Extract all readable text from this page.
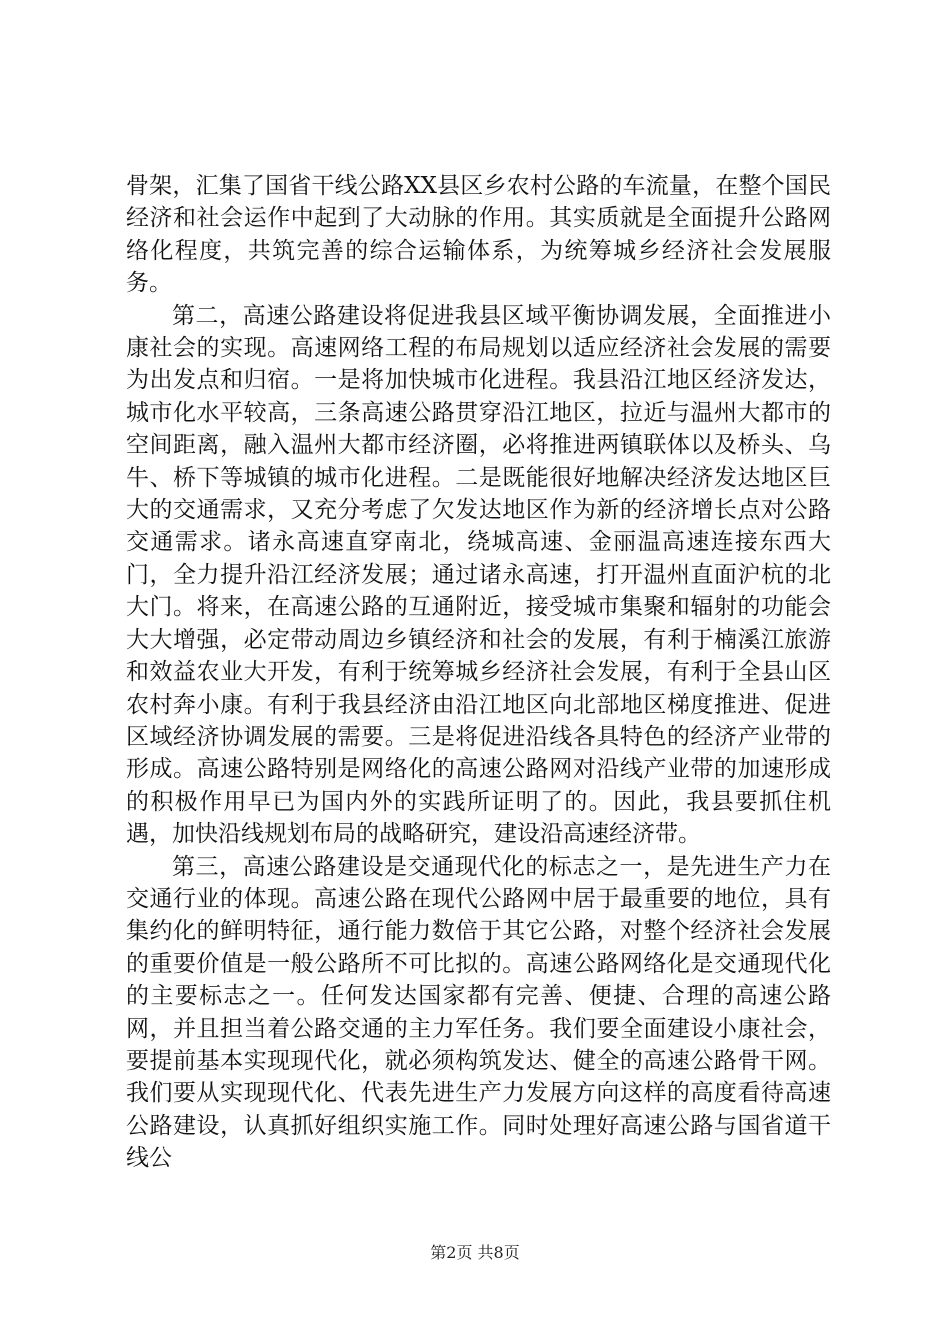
骨架，汇集了国省干线公路XX县区乡农村公路的车流量，在整个国民经济和社会运作中起到了大动脉的作用。其实质就是全面提升公路网络化程度，共筑完善的综合运输体系，为统筹城乡经济社会发展服务。

第二，高速公路建设将促进我县区域平衡协调发展，全面推进小康社会的实现。高速网络工程的布局规划以适应经济社会发展的需要为出发点和归宿。一是将加快城市化进程。我县沿江地区经济发达，城市化水平较高，三条高速公路贯穿沿江地区，拉近与温州大都市的空间距离，融入温州大都市经济圈，必将推进两镇联体以及桥头、乌牛、桥下等城镇的城市化进程。二是既能很好地解决经济发达地区巨大的交通需求，又充分考虑了欠发达地区作为新的经济增长点对公路交通需求。诸永高速直穿南北，绕城高速、金丽温高速连接东西大门，全力提升沿江经济发展；通过诸永高速，打开温州直面沪杭的北大门。将来，在高速公路的互通附近，接受城市集聚和辐射的功能会大大增强，必定带动周边乡镇经济和社会的发展，有利于楠溪江旅游和效益农业大开发，有利于统筹城乡经济社会发展，有利于全县山区农村奔小康。有利于我县经济由沿江地区向北部地区梯度推进、促进区域经济协调发展的需要。三是将促进沿线各具特色的经济产业带的形成。高速公路特别是网络化的高速公路网对沿线产业带的加速形成的积极作用早已为国内外的实践所证明了的。因此，我县要抓住机遇，加快沿线规划布局的战略研究，建设沿高速经济带。

第三，高速公路建设是交通现代化的标志之一，是先进生产力在交通行业的体现。高速公路在现代公路网中居于最重要的地位，具有集约化的鲜明特征，通行能力数倍于其它公路，对整个经济社会发展的重要价值是一般公路所不可比拟的。高速公路网络化是交通现代化的主要标志之一。任何发达国家都有完善、便捷、合理的高速公路网，并且担当着公路交通的主力军任务。我们要全面建设小康社会，要提前基本实现现代化，就必须构筑发达、健全的高速公路骨干网。我们要从实现现代化、代表先进生产力发展方向这样的高度看待高速公路建设，认真抓好组织实施工作。同时处理好高速公路与国省道干线公

第2页 共8页
